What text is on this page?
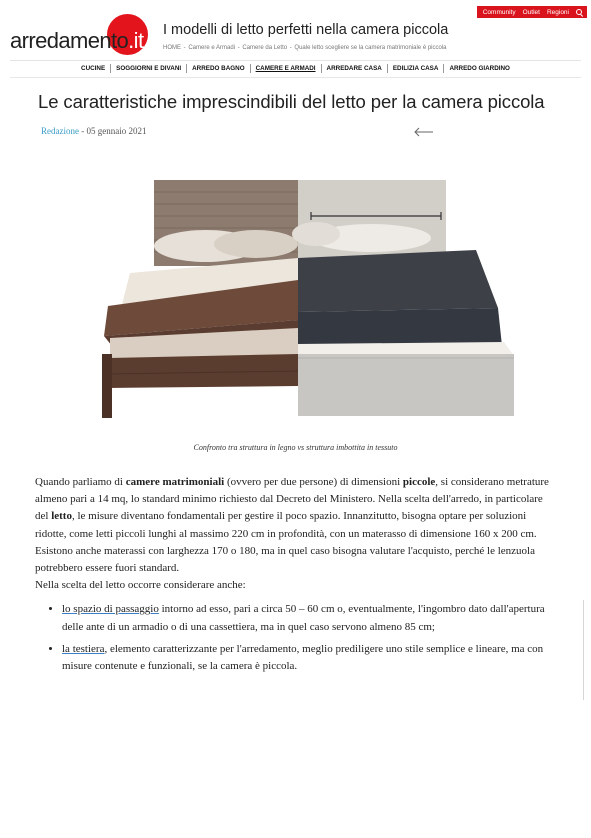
Community Outlet Regioni
arredamento.it I modelli di letto perfetti nella camera piccola
HOME - Camere e Armadi - Camere da Letto - Quale letto scegliere se la camera matrimoniale è piccola
CUCINE	SOGGIORNI E DIVANI	ARREDO BAGNO	CAMERE E ARMADI	ARREDARE CASA	EDILIZIA CASA	ARREDO GIARDINO
Le caratteristiche imprescindibili del letto per la camera piccola
Redazione - 05 gennaio 2021
Confronto tra struttura in legno vs struttura imbottita in tessuto

Quando parliamo di camere matrimoniali (ovvero per due persone) di dimensioni piccole, si considerano metrature almeno pari a 14 mq, lo standard minimo richiesto dal Decreto del Ministero. Nella scelta dell'arredo, in particolare del letto, le misure diventano fondamentali per gestire il poco spazio. Innanzitutto, bisogna optare per soluzioni ridotte, come letti piccoli lunghi al massimo 220 cm in profondità, con un materasso di dimensione 160 x 200 cm. Esistono anche materassi con larghezza 170 o 180, ma in quel caso bisogna valutare l'acquisto, perché le lenzuola potrebbero essere fuori standard.

Nella scelta del letto occorre considerare anche:

• lo spazio di passaggio intorno ad esso, pari a circa 50 – 60 cm o, eventualmente, l'ingombro dato dall'apertura delle ante di un armadio o di una cassettiera, ma in quel caso servono almeno 85 cm;
• la testiera, elemento caratterizzante per l'arredamento, meglio prediligere uno stile semplice e lineare, ma con misure contenute e funzionali, se la camera è piccola.
